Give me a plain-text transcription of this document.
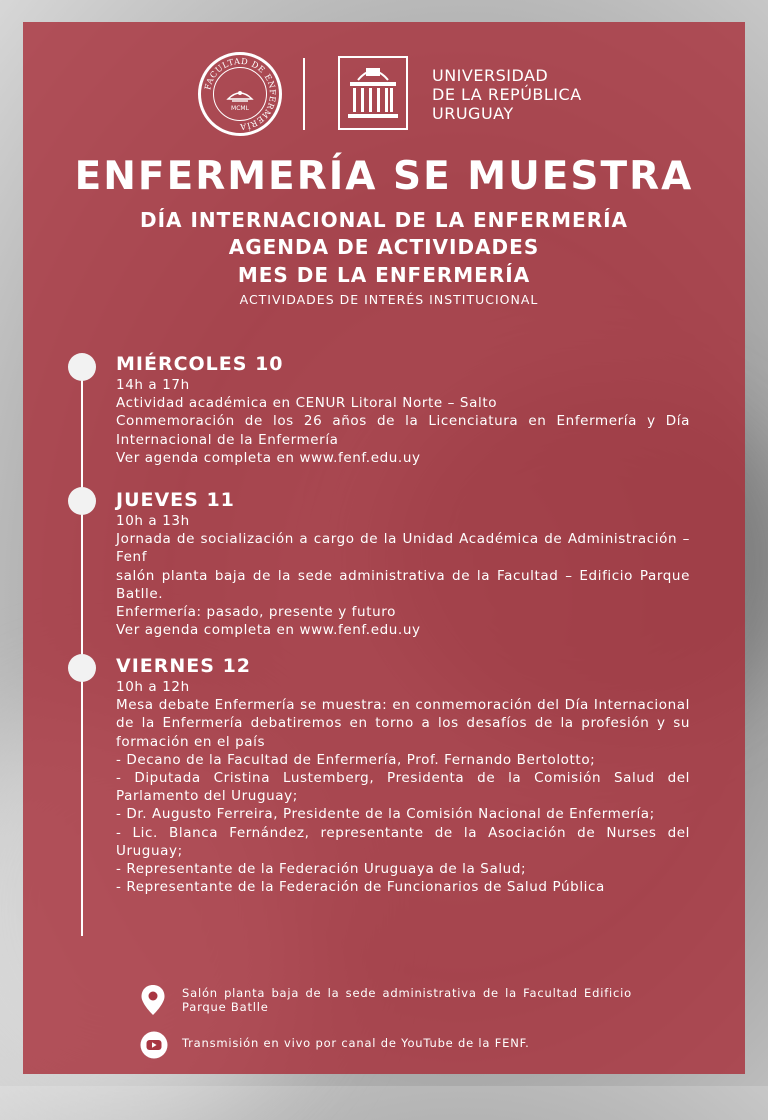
FACULTAD DE ENFERMERÍA
MCML
UNIVERSIDAD
DE LA REPÚBLICA
URUGUAY
ENFERMERÍA SE MUESTRA
DÍA INTERNACIONAL DE LA ENFERMERÍA
AGENDA DE ACTIVIDADES
MES DE LA ENFERMERÍA
ACTIVIDADES DE INTERÉS INSTITUCIONAL
MIÉRCOLES 10
14h a 17h
Actividad académica en CENUR Litoral Norte – Salto
Conmemoración de los 26 años de la Licenciatura en Enfermería y Día Internacional de la Enfermería
Ver agenda completa en www.fenf.edu.uy
JUEVES 11
10h a 13h
Jornada de socialización a cargo de la Unidad Académica de Administración – Fenf
salón planta baja de la sede administrativa de la Facultad – Edificio Parque Batlle.
Enfermería: pasado, presente y futuro
Ver agenda completa en www.fenf.edu.uy
VIERNES 12
10h a 12h
Mesa debate Enfermería se muestra: en conmemoración del Día Internacional de la Enfermería debatiremos en torno a los desafíos de la profesión y su formación en el país
- Decano de la Facultad de Enfermería, Prof. Fernando Bertolotto;
- Diputada Cristina Lustemberg, Presidenta de la Comisión Salud del Parlamento del Uruguay;
- Dr. Augusto Ferreira, Presidente de la Comisión Nacional de Enfermería;
- Lic. Blanca Fernández, representante de la Asociación de Nurses del Uruguay;
- Representante de la Federación Uruguaya de la Salud;
- Representante de la Federación de Funcionarios de Salud Pública
Salón planta baja de la sede administrativa de la Facultad Edificio Parque Batlle
Transmisión en vivo por canal de YouTube de la FENF.
